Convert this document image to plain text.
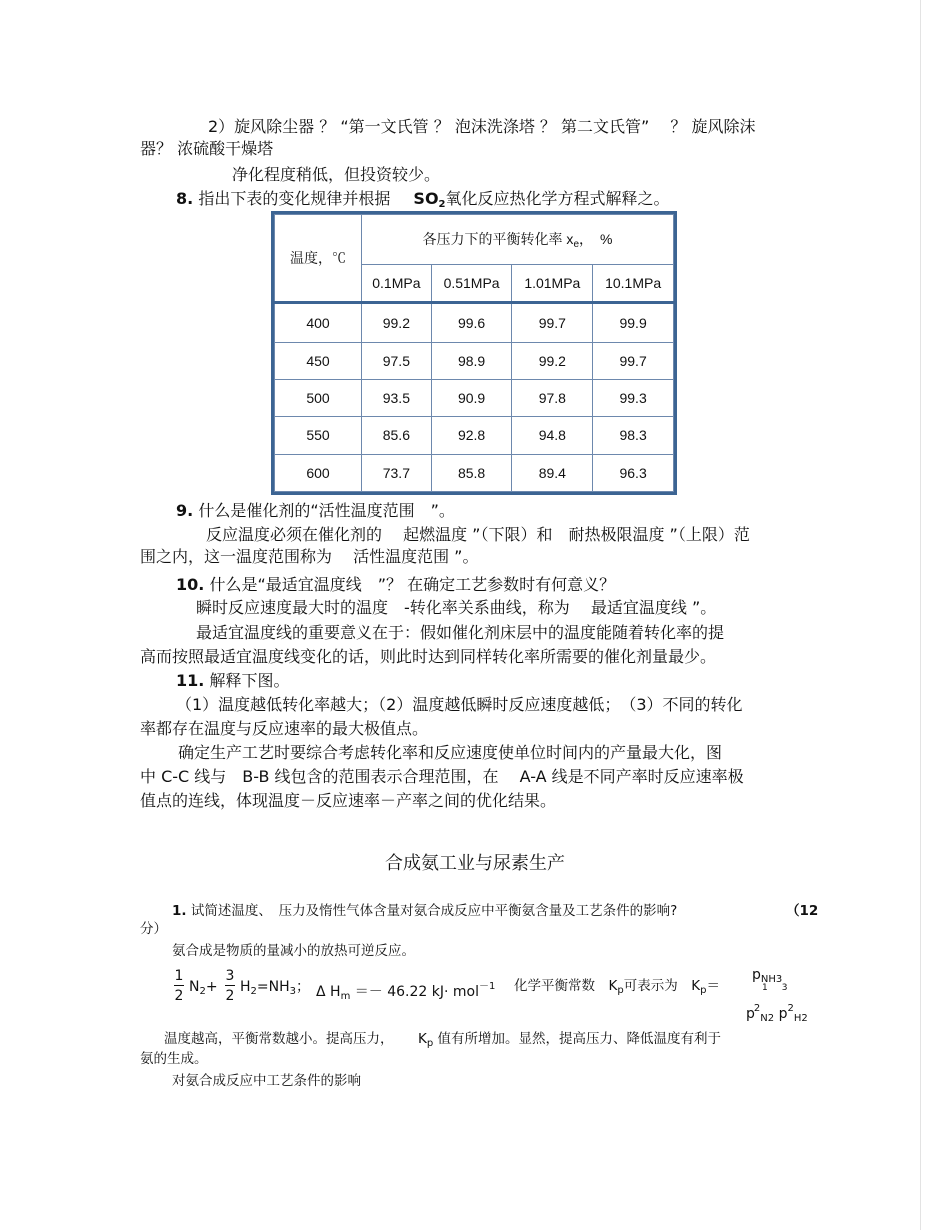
2）旋风除尘器 ？ “第一文氏管 ？ 泡沫洗涤塔 ？ 第二文氏管”　 ？ 旋风除沫
器？ 浓硫酸干燥塔
净化程度稍低，但投资较少。
8. 指出下表的变化规律并根据 $SO_2$氧化反应热化学方程式解释之。
温度，℃	各压力下的平衡转化率 $x_e$，　%			
	0.1MPa	0.51MPa	1.01MPa	10.1MPa
400	99.2	99.6	99.7	99.9
450	97.5	98.9	99.2	99.7
500	93.5	90.9	97.8	99.3
550	85.6	92.8	94.8	98.3
600	73.7	85.8	89.4	96.3
9. 什么是催化剂的“活性温度范围　”。
反应温度必须在催化剂的　 起燃温度 ”（下限）和　耐热极限温度 ”（上限）范
围之内，这一温度范围称为　 活性温度范围 ”。
10. 什么是“最适宜温度线　”？ 在确定工艺参数时有何意义？
瞬时反应速度最大时的温度　-转化率关系曲线，称为　 最适宜温度线 ”。
最适宜温度线的重要意义在于：假如催化剂床层中的温度能随着转化率的提
高而按照最适宜温度线变化的话，则此时达到同样转化率所需要的催化剂量最少。
11. 解释下图。
（1）温度越低转化率越大；（2）温度越低瞬时反应速度越低；　（3）不同的转化
率都存在温度与反应速率的最大极值点。
确定生产工艺时要综合考虑转化率和反应速度使单位时间内的产量最大化，图
中 C-C 线与　B-B 线包含的范围表示合理范围，在　 A-A 线是不同产率时反应速率极
值点的连线，体现温度－反应速率－产率之间的优化结果。
合成氨工业与尿素生产
1. 试简述温度、　压力及惰性气体含量对氨合成反应中平衡氨含量及工艺条件的影响?	（12
分）
氨合成是物质的量减小的放热可逆反应。
1
2
$N_2+$
3
2
$H_2=NH_3$； Δ $H_m =- 46.22$ kJ· mol$^{-1}$ 化学平衡常数　$K_p$可表示为　$K_p=$
$p_{NH3}$
1 3
$p^2_{N2}$ $p^2_{H2}$
温度越高，平衡常数越小。提高压力，　　 $K_p$ 值有所增加。显然，提高压力、降低温度有利于
氨的生成。
对氨合成反应中工艺条件的影响
